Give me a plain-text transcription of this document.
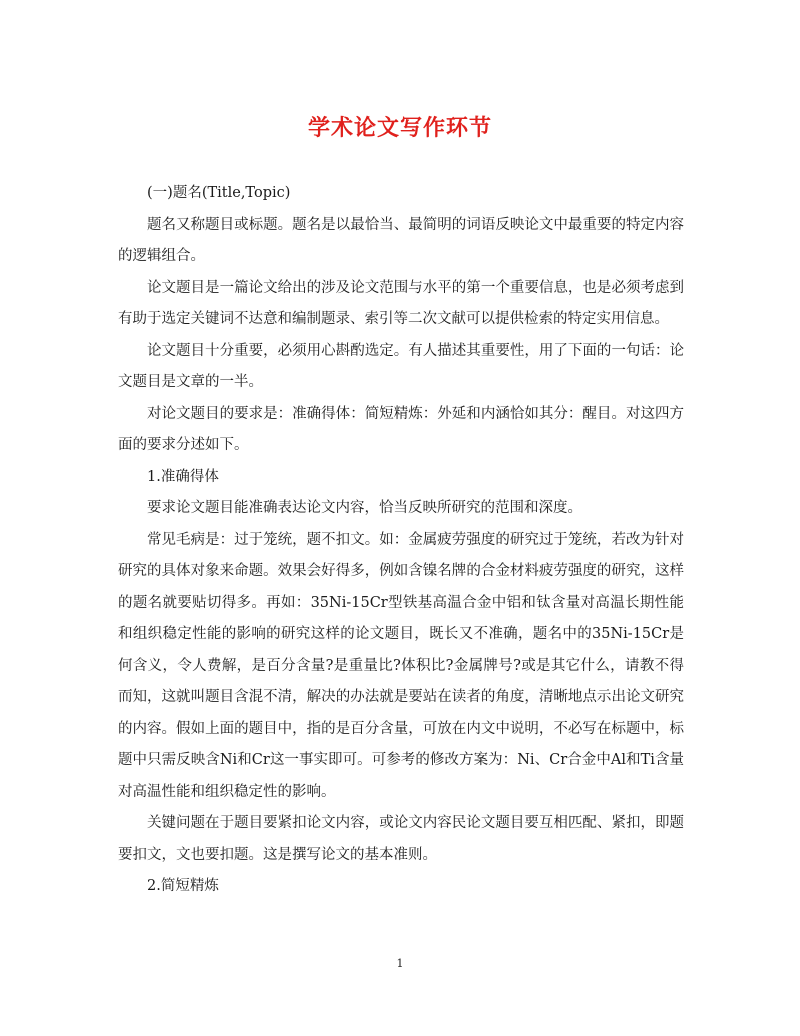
学术论文写作环节

(一)题名(Title,Topic)

题名又称题目或标题。题名是以最恰当、最简明的词语反映论文中最重要的特定内容的逻辑组合。

论文题目是一篇论文给出的涉及论文范围与水平的第一个重要信息，也是必须考虑到有助于选定关键词不达意和编制题录、索引等二次文献可以提供检索的特定实用信息。

论文题目十分重要，必须用心斟酌选定。有人描述其重要性，用了下面的一句话：论文题目是文章的一半。

对论文题目的要求是：准确得体：简短精炼：外延和内涵恰如其分：醒目。对这四方面的要求分述如下。

1.准确得体

要求论文题目能准确表达论文内容，恰当反映所研究的范围和深度。

常见毛病是：过于笼统，题不扣文。如：金属疲劳强度的研究过于笼统，若改为针对研究的具体对象来命题。效果会好得多，例如含镍名牌的合金材料疲劳强度的研究，这样的题名就要贴切得多。再如：35Ni-15Cr型铁基高温合金中铝和钛含量对高温长期性能和组织稳定性能的影响的研究这样的论文题目，既长又不准确，题名中的35Ni-15Cr是何含义，令人费解，是百分含量?是重量比?体积比?金属牌号?或是其它什么，请教不得而知，这就叫题目含混不清，解决的办法就是要站在读者的角度，清晰地点示出论文研究的内容。假如上面的题目中，指的是百分含量，可放在内文中说明，不必写在标题中，标题中只需反映含Ni和Cr这一事实即可。可参考的修改方案为：Ni、Cr合金中Al和Ti含量对高温性能和组织稳定性的影响。

关键问题在于题目要紧扣论文内容，或论文内容民论文题目要互相匹配、紧扣，即题要扣文，文也要扣题。这是撰写论文的基本准则。

2.简短精炼

1
